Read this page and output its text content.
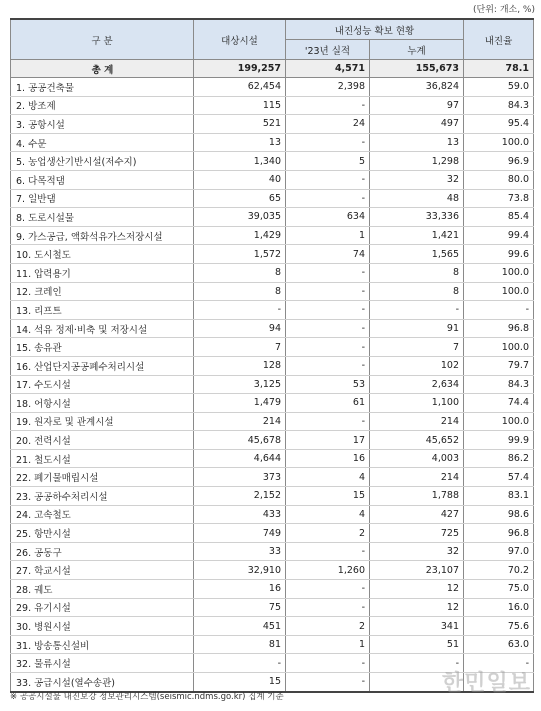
(단위: 개소, %)
구 분	대상시설	내진성능 확보 현황		내진율
		'23년 실적	누계	
총 계	199,257	4,571	155,673	78.1
1. 공공건축물	62,454	2,398	36,824	59.0
2. 방조제	115	-	97	84.3
3. 공항시설	521	24	497	95.4
4. 수문	13	-	13	100.0
5. 농업생산기반시설(저수지)	1,340	5	1,298	96.9
6. 다목적댐	40	-	32	80.0
7. 일반댐	65	-	48	73.8
8. 도로시설물	39,035	634	33,336	85.4
9. 가스공급, 액화석유가스저장시설	1,429	1	1,421	99.4
10. 도시철도	1,572	74	1,565	99.6
11. 압력용기	8	-	8	100.0
12. 크레인	8	-	8	100.0
13. 리프트	-	-	-	-
14. 석유 정제·비축 및 저장시설	94	-	91	96.8
15. 송유관	7	-	7	100.0
16. 산업단지공공폐수처리시설	128	-	102	79.7
17. 수도시설	3,125	53	2,634	84.3
18. 어항시설	1,479	61	1,100	74.4
19. 원자로 및 관계시설	214	-	214	100.0
20. 전력시설	45,678	17	45,652	99.9
21. 철도시설	4,644	16	4,003	86.2
22. 폐기물매립시설	373	4	214	57.4
23. 공공하수처리시설	2,152	15	1,788	83.1
24. 고속철도	433	4	427	98.6
25. 항만시설	749	2	725	96.8
26. 공동구	33	-	32	97.0
27. 학교시설	32,910	1,260	23,107	70.2
28. 궤도	16	-	12	75.0
29. 유기시설	75	-	12	16.0
30. 병원시설	451	2	341	75.6
31. 방송통신설비	81	1	51	63.0
32. 물류시설	-	-	-	-
33. 공급시설(열수송관)	15	-		
※ 공공시설물 내진보강 정보관리시스템(seismic.ndms.go.kr) 집계 기준
한민일보
